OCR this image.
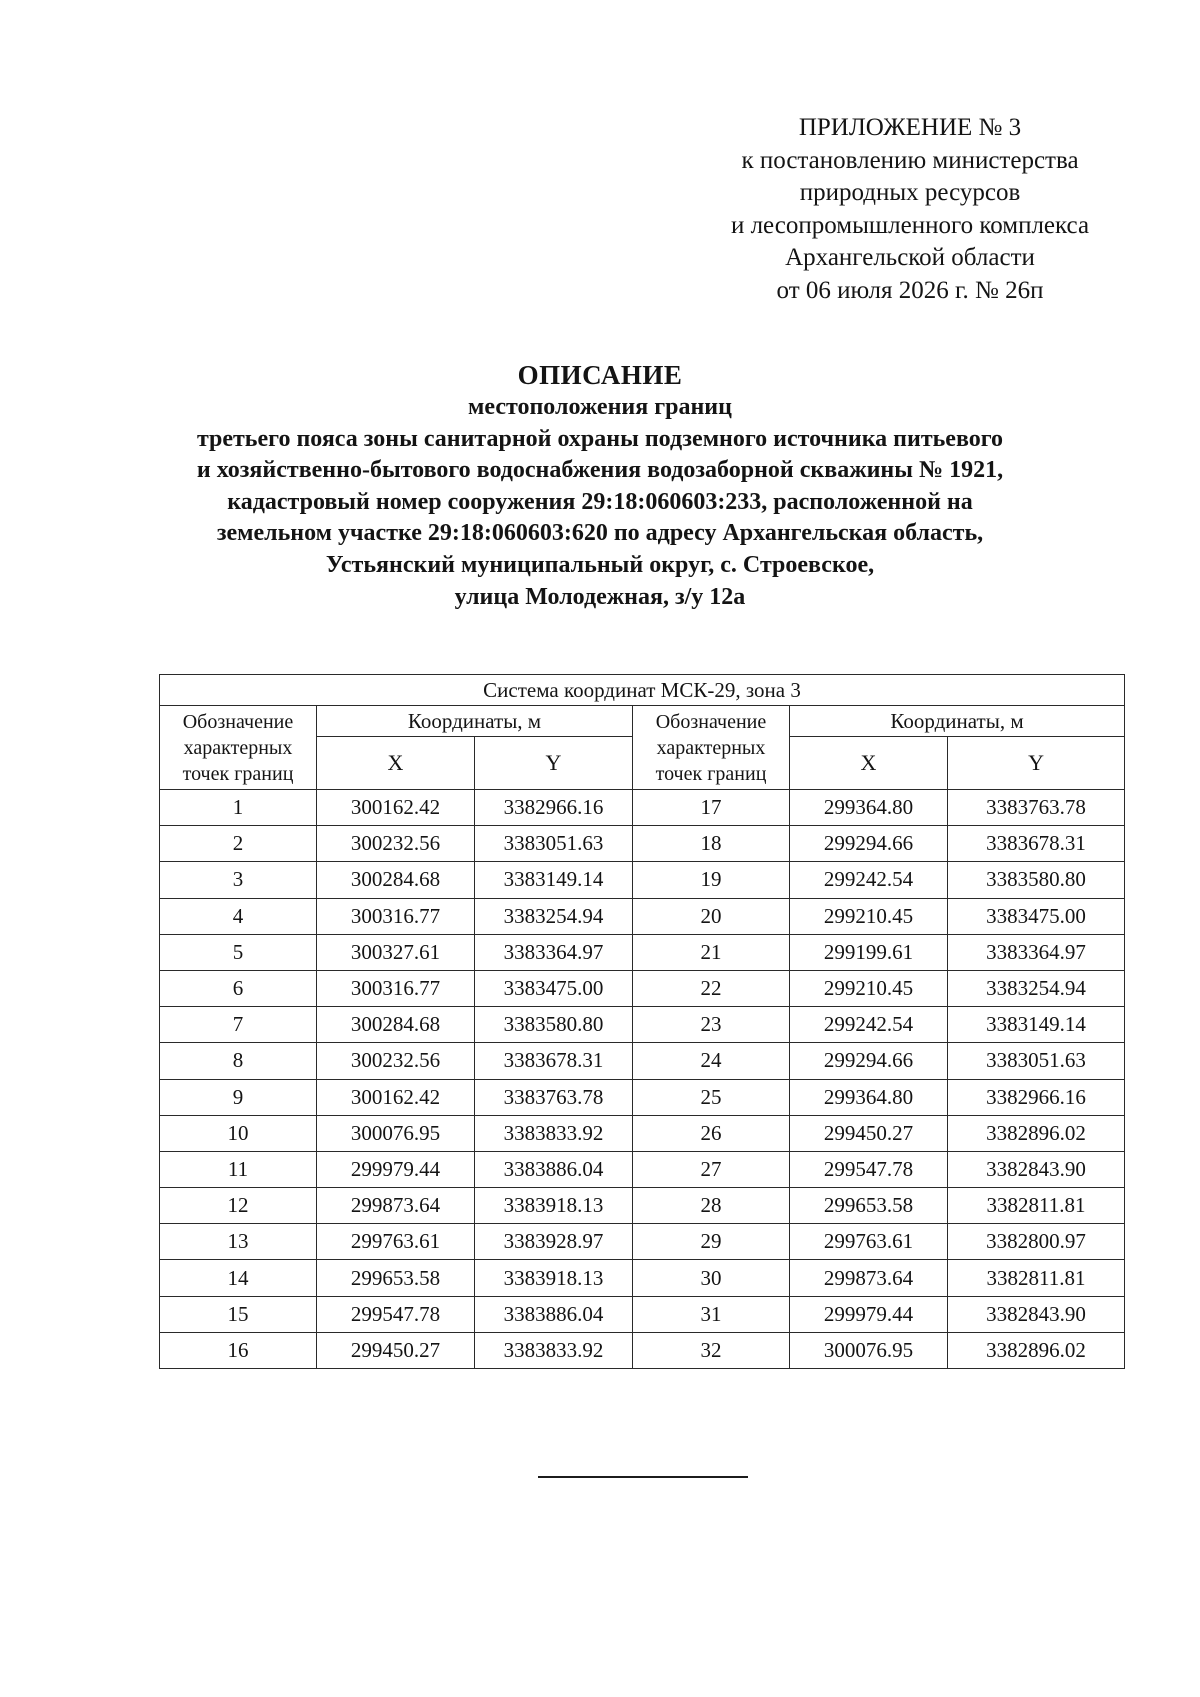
ПРИЛОЖЕНИЕ № 3
к постановлению министерства
природных ресурсов
и лесопромышленного комплекса
Архангельской области
от 06 июля 2026 г. № 26п
ОПИСАНИЕ
местоположения границ
третьего пояса зоны санитарной охраны подземного источника питьевого
и хозяйственно-бытового водоснабжения водозаборной скважины № 1921,
кадастровый номер сооружения 29:18:060603:233, расположенной на
земельном участке 29:18:060603:620 по адресу Архангельская область,
Устьянский муниципальный округ, с. Строевское,
улица Молодежная, з/у 12а
Система координат МСК-29, зона 3					
Обозначение
характерных
точек границ	Координаты, м		Обозначение
характерных
точек границ	Координаты, м	
	X	Y		X	Y
1	300162.42	3382966.16	17	299364.80	3383763.78
2	300232.56	3383051.63	18	299294.66	3383678.31
3	300284.68	3383149.14	19	299242.54	3383580.80
4	300316.77	3383254.94	20	299210.45	3383475.00
5	300327.61	3383364.97	21	299199.61	3383364.97
6	300316.77	3383475.00	22	299210.45	3383254.94
7	300284.68	3383580.80	23	299242.54	3383149.14
8	300232.56	3383678.31	24	299294.66	3383051.63
9	300162.42	3383763.78	25	299364.80	3382966.16
10	300076.95	3383833.92	26	299450.27	3382896.02
11	299979.44	3383886.04	27	299547.78	3382843.90
12	299873.64	3383918.13	28	299653.58	3382811.81
13	299763.61	3383928.97	29	299763.61	3382800.97
14	299653.58	3383918.13	30	299873.64	3382811.81
15	299547.78	3383886.04	31	299979.44	3382843.90
16	299450.27	3383833.92	32	300076.95	3382896.02
